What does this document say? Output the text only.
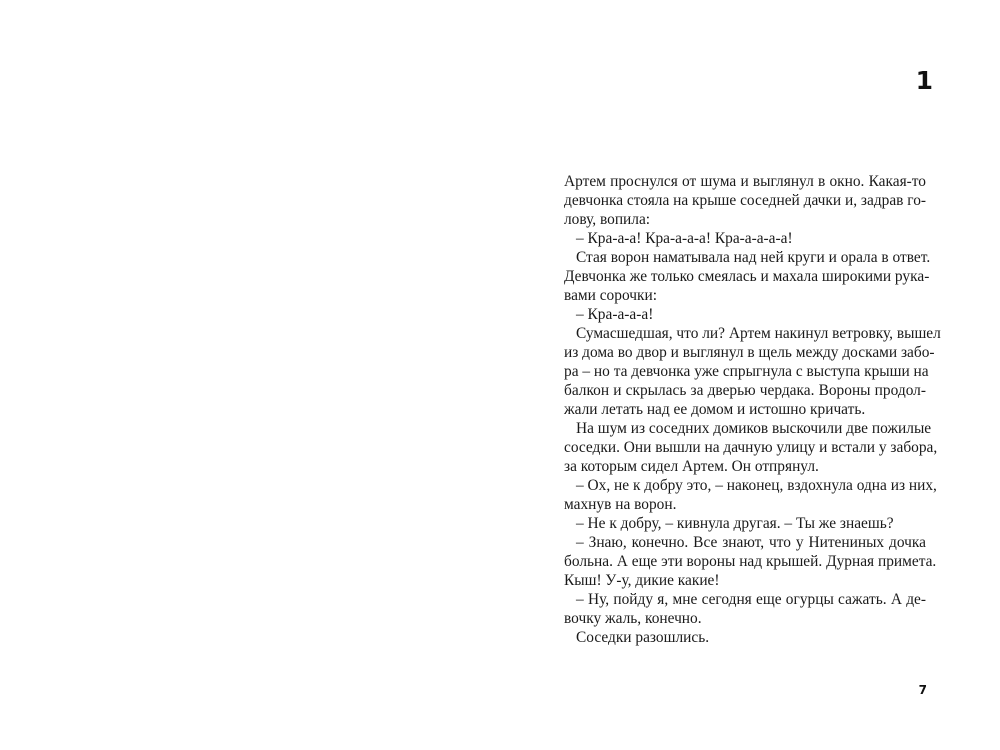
1
Артем проснулся от шума и выглянул в окно. Какая-то
девчонка стояла на крыше соседней дачки и, задрав го-
лову, вопила:
– Кра-а-а! Кра-а-а-а! Кра-а-а-а-а!
Стая ворон наматывала над ней круги и орала в ответ.
Девчонка же только смеялась и махала широкими рука-
вами сорочки:
– Кра-а-а-а!
Сумасшедшая, что ли? Артем накинул ветровку, вышел
из дома во двор и выглянул в щель между досками забо-
ра – но та девчонка уже спрыгнула с выступа крыши на
балкон и скрылась за дверью чердака. Вороны продол-
жали летать над ее домом и истошно кричать.
На шум из соседних домиков выскочили две пожилые
соседки. Они вышли на дачную улицу и встали у забора,
за которым сидел Артем. Он отпрянул.
– Ох, не к добру это, – наконец, вздохнула одна из них,
махнув на ворон.
– Не к добру, – кивнула другая. – Ты же знаешь?
– Знаю, конечно. Все знают, что у Нитениных дочка
больна. А еще эти вороны над крышей. Дурная примета.
Кыш! У-у, дикие какие!
– Ну, пойду я, мне сегодня еще огурцы сажать. А де-
вочку жаль, конечно.
Соседки разошлись.
7
